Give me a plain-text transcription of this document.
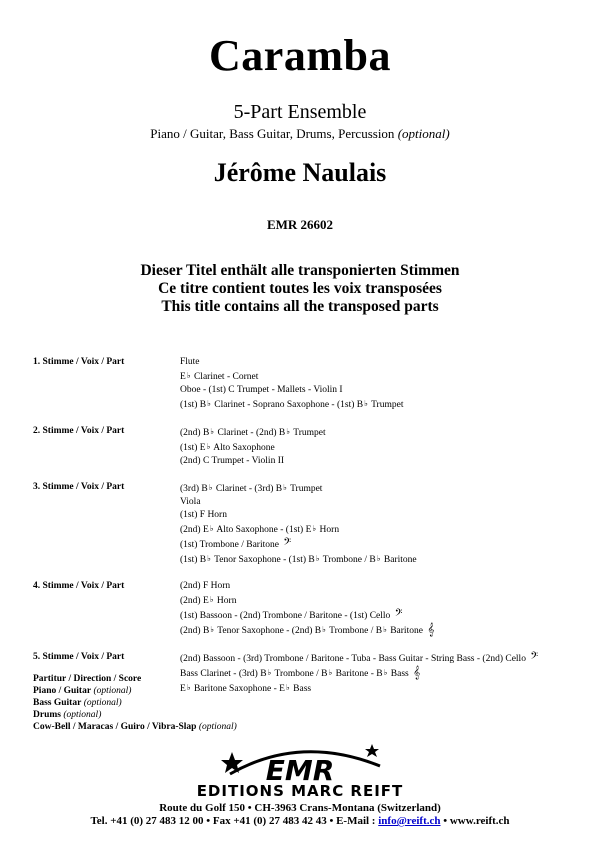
Caramba
5-Part Ensemble
Piano / Guitar, Bass Guitar, Drums, Percussion (optional)
Jérôme Naulais
EMR 26602
Dieser Titel enthält alle transponierten Stimmen
Ce titre contient toutes les voix transposées
This title contains all the transposed parts
1. Stimme / Voix / Part	Flute
E♭ Clarinet - Cornet
Oboe - (1st) C Trumpet - Mallets - Violin I
(1st) B♭ Clarinet - Soprano Saxophone - (1st) B♭ Trumpet
2. Stimme / Voix / Part	(2nd) B♭ Clarinet - (2nd) B♭ Trumpet
(1st) E♭ Alto Saxophone
(2nd) C Trumpet - Violin II
3. Stimme / Voix / Part	(3rd) B♭ Clarinet - (3rd) B♭ Trumpet
Viola
(1st) F Horn
(2nd) E♭ Alto Saxophone - (1st) E♭ Horn
(1st) Trombone / Baritone 𝄢
(1st) B♭ Tenor Saxophone - (1st) B♭ Trombone / B♭ Baritone
4. Stimme / Voix / Part	(2nd) F Horn
(2nd) E♭ Horn
(1st) Bassoon - (2nd) Trombone / Baritone - (1st) Cello 𝄢
(2nd) B♭ Tenor Saxophone - (2nd) B♭ Trombone / B♭ Baritone 𝄞
5. Stimme / Voix / Part	(2nd) Bassoon - (3rd) Trombone / Baritone - Tuba - Bass Guitar - String Bass - (2nd) Cello 𝄢
Bass Clarinet - (3rd) B♭ Trombone / B♭ Baritone - B♭ Bass 𝄞
E♭ Baritone Saxophone - E♭ Bass
Partitur / Direction / Score
Piano / Guitar (optional)
Bass Guitar (optional)
Drums (optional)
Cow-Bell / Maracas / Guiro / Vibra-Slap (optional)
EMR
EDITIONS MARC REIFT
Route du Golf 150 • CH-3963 Crans-Montana (Switzerland)
Tel. +41 (0) 27 483 12 00 • Fax +41 (0) 27 483 42 43 • E-Mail : info@reift.ch • www.reift.ch
